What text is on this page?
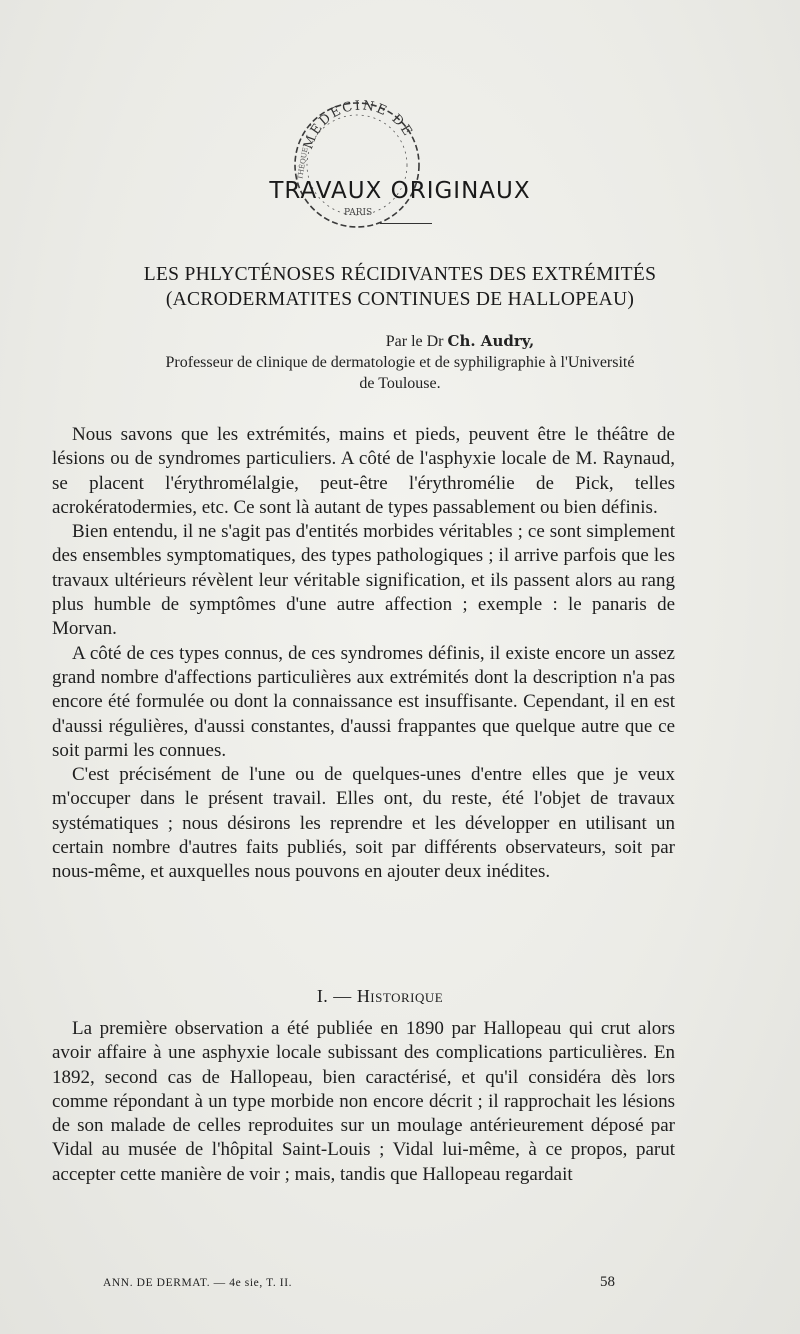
MÉDECINE DE
PARIS
THÈQUE
TRAVAUX ORIGINAUX
LES PHLYCTÉNOSES RÉCIDIVANTES DES EXTRÉMITÉS (ACRODERMATITES CONTINUES DE HALLOPEAU)
Par le Dr Ch. Audry,
Professeur de clinique de dermatologie et de syphiligraphie à l'Université
de Toulouse.

Nous savons que les extrémités, mains et pieds, peuvent être le théâtre de lésions ou de syndromes particuliers. A côté de l'asphyxie locale de M. Raynaud, se placent l'érythromélalgie, peut-être l'érythromélie de Pick, telles acrokératodermies, etc. Ce sont là autant de types passablement ou bien définis.

Bien entendu, il ne s'agit pas d'entités morbides véritables ; ce sont simplement des ensembles symptomatiques, des types pathologiques ; il arrive parfois que les travaux ultérieurs révèlent leur véritable signification, et ils passent alors au rang plus humble de symptômes d'une autre affection ; exemple : le panaris de Morvan.

A côté de ces types connus, de ces syndromes définis, il existe encore un assez grand nombre d'affections particulières aux extrémités dont la description n'a pas encore été formulée ou dont la connaissance est insuffisante. Cependant, il en est d'aussi régulières, d'aussi constantes, d'aussi frappantes que quelque autre que ce soit parmi les connues.

C'est précisément de l'une ou de quelques-unes d'entre elles que je veux m'occuper dans le présent travail. Elles ont, du reste, été l'objet de travaux systématiques ; nous désirons les reprendre et les développer en utilisant un certain nombre d'autres faits publiés, soit par différents observateurs, soit par nous-même, et auxquelles nous pouvons en ajouter deux inédites.

I. — Historique

La première observation a été publiée en 1890 par Hallopeau qui crut alors avoir affaire à une asphyxie locale subissant des complications particulières. En 1892, second cas de Hallopeau, bien caractérisé, et qu'il considéra dès lors comme répondant à un type morbide non encore décrit ; il rapprochait les lésions de son malade de celles reproduites sur un moulage antérieurement déposé par Vidal au musée de l'hôpital Saint-Louis ; Vidal lui-même, à ce propos, parut accepter cette manière de voir ; mais, tandis que Hallopeau regardait

ANN. DE DERMAT. — 4e sie, T. II.	58
